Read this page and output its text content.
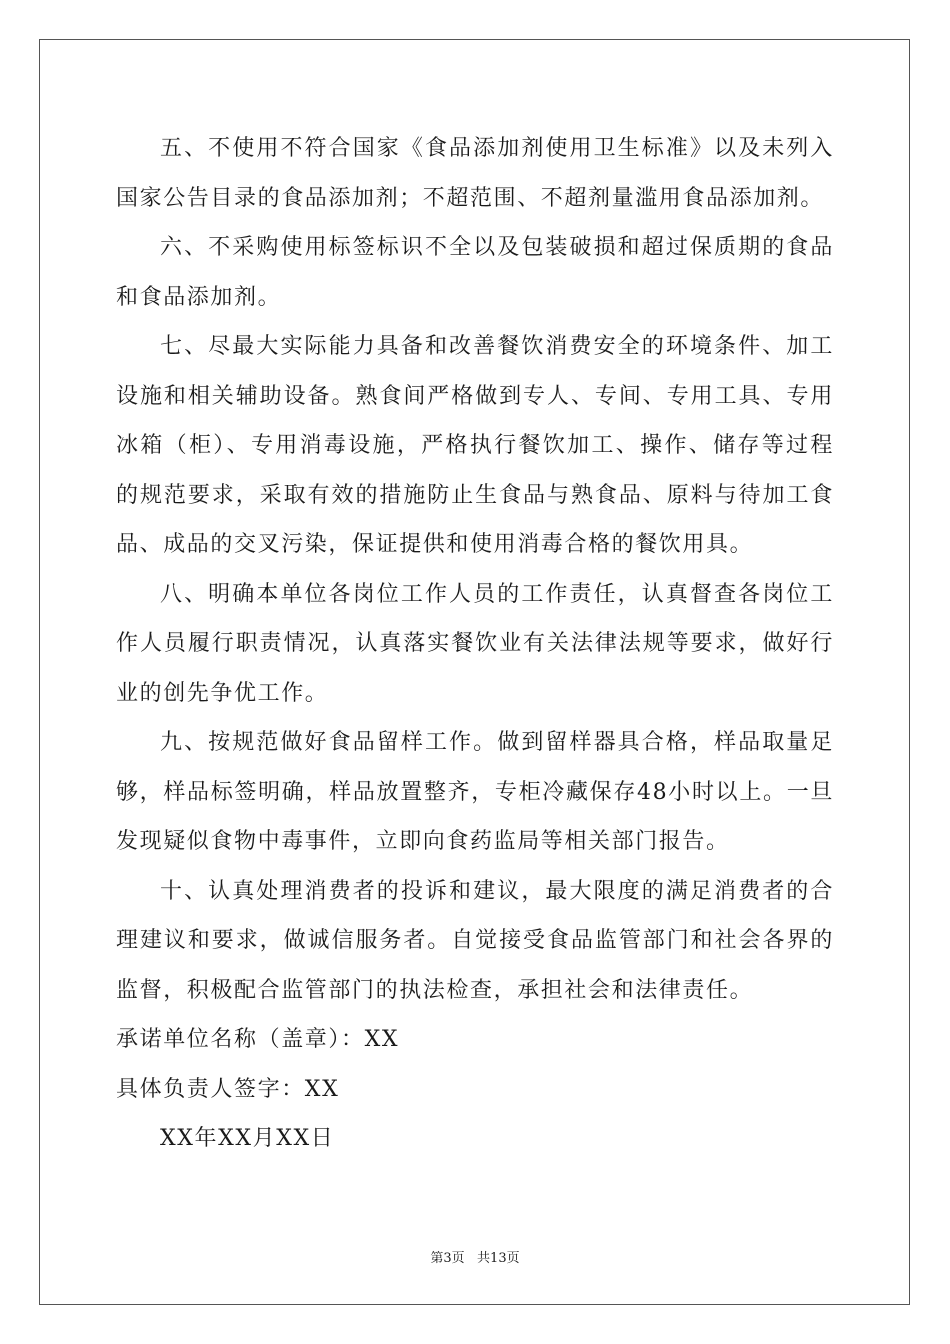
五、不使用不符合国家《食品添加剂使用卫生标准》以及未列入国家公告目录的食品添加剂；不超范围、不超剂量滥用食品添加剂。

六、不采购使用标签标识不全以及包装破损和超过保质期的食品和食品添加剂。

七、尽最大实际能力具备和改善餐饮消费安全的环境条件、加工设施和相关辅助设备。熟食间严格做到专人、专间、专用工具、专用冰箱（柜）、专用消毒设施，严格执行餐饮加工、操作、储存等过程的规范要求，采取有效的措施防止生食品与熟食品、原料与待加工食品、成品的交叉污染，保证提供和使用消毒合格的餐饮用具。

八、明确本单位各岗位工作人员的工作责任，认真督查各岗位工作人员履行职责情况，认真落实餐饮业有关法律法规等要求，做好行业的创先争优工作。

九、按规范做好食品留样工作。做到留样器具合格，样品取量足够，样品标签明确，样品放置整齐，专柜冷藏保存48小时以上。一旦发现疑似食物中毒事件，立即向食药监局等相关部门报告。

十、认真处理消费者的投诉和建议，最大限度的满足消费者的合理建议和要求，做诚信服务者。自觉接受食品监管部门和社会各界的监督，积极配合监管部门的执法检查，承担社会和法律责任。

承诺单位名称（盖章）：XX

具体负责人签字：XX

XX年XX月XX日

第3页   共13页
